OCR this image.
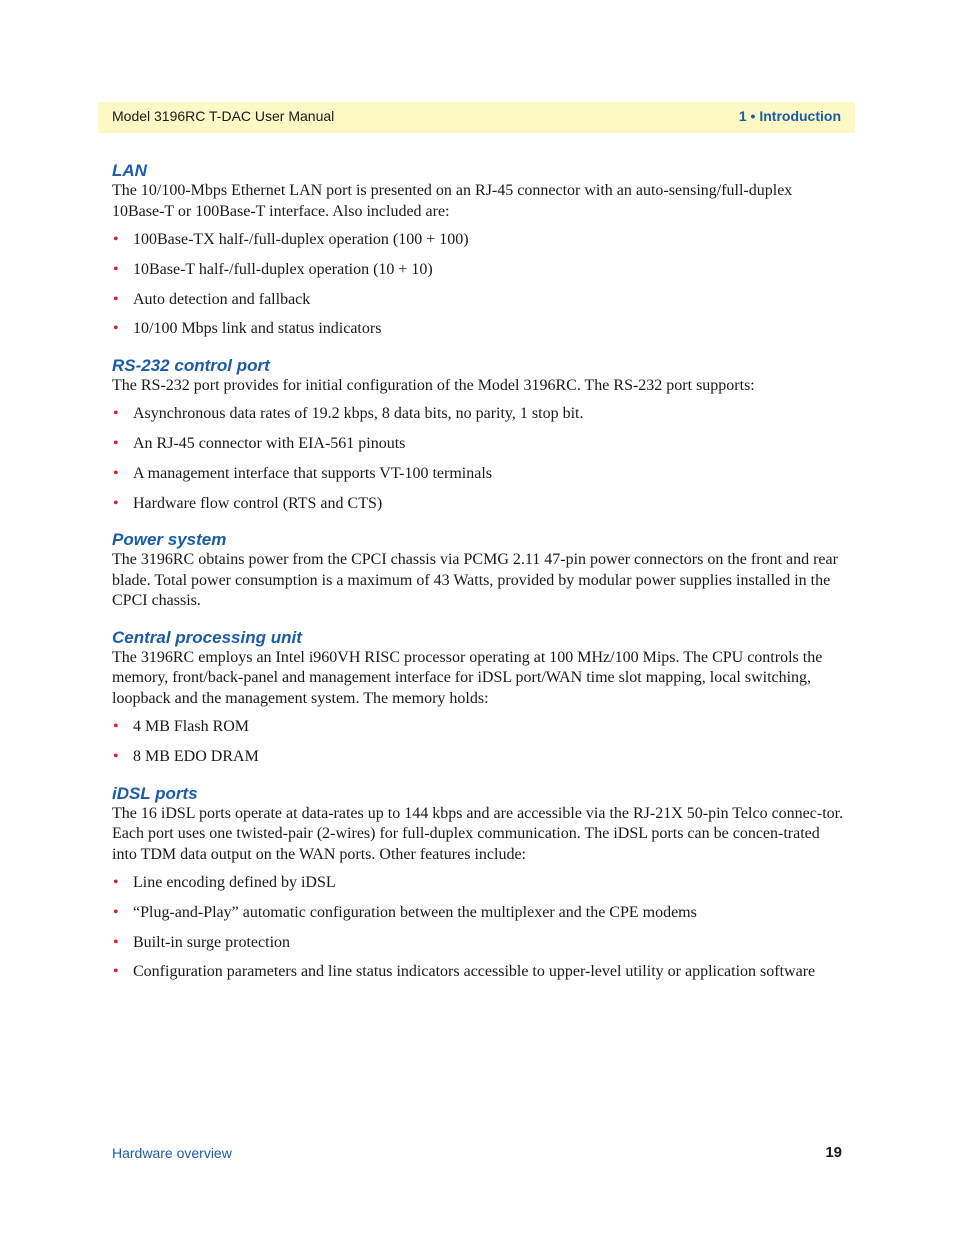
Model 3196RC T-DAC User Manual	1 • Introduction
LAN

The 10/100-Mbps Ethernet LAN port is presented on an RJ-45 connector with an auto-sensing/full-duplex 10Base-T or 100Base-T interface. Also included are:

• 100Base-TX half-/full-duplex operation (100 + 100)
• 10Base-T half-/full-duplex operation (10 + 10)
• Auto detection and fallback
• 10/100 Mbps link and status indicators
RS-232 control port

The RS-232 port provides for initial configuration of the Model 3196RC. The RS-232 port supports:

• Asynchronous data rates of 19.2 kbps, 8 data bits, no parity, 1 stop bit.
• An RJ-45 connector with EIA-561 pinouts
• A management interface that supports VT-100 terminals
• Hardware flow control (RTS and CTS)
Power system

The 3196RC obtains power from the CPCI chassis via PCMG 2.11 47-pin power connectors on the front and rear blade. Total power consumption is a maximum of 43 Watts, provided by modular power supplies installed in the CPCI chassis.

Central processing unit

The 3196RC employs an Intel i960VH RISC processor operating at 100 MHz/100 Mips. The CPU controls the memory, front/back-panel and management interface for iDSL port/WAN time slot mapping, local switching, loopback and the management system. The memory holds:

• 4 MB Flash ROM
• 8 MB EDO DRAM
iDSL ports

The 16 iDSL ports operate at data-rates up to 144 kbps and are accessible via the RJ-21X 50-pin Telco connec-tor. Each port uses one twisted-pair (2-wires) for full-duplex communication. The iDSL ports can be concen-trated into TDM data output on the WAN ports. Other features include:

• Line encoding defined by iDSL
• “Plug-and-Play” automatic configuration between the multiplexer and the CPE modems
• Built-in surge protection
• Configuration parameters and line status indicators accessible to upper-level utility or application software
Hardware overview	19
